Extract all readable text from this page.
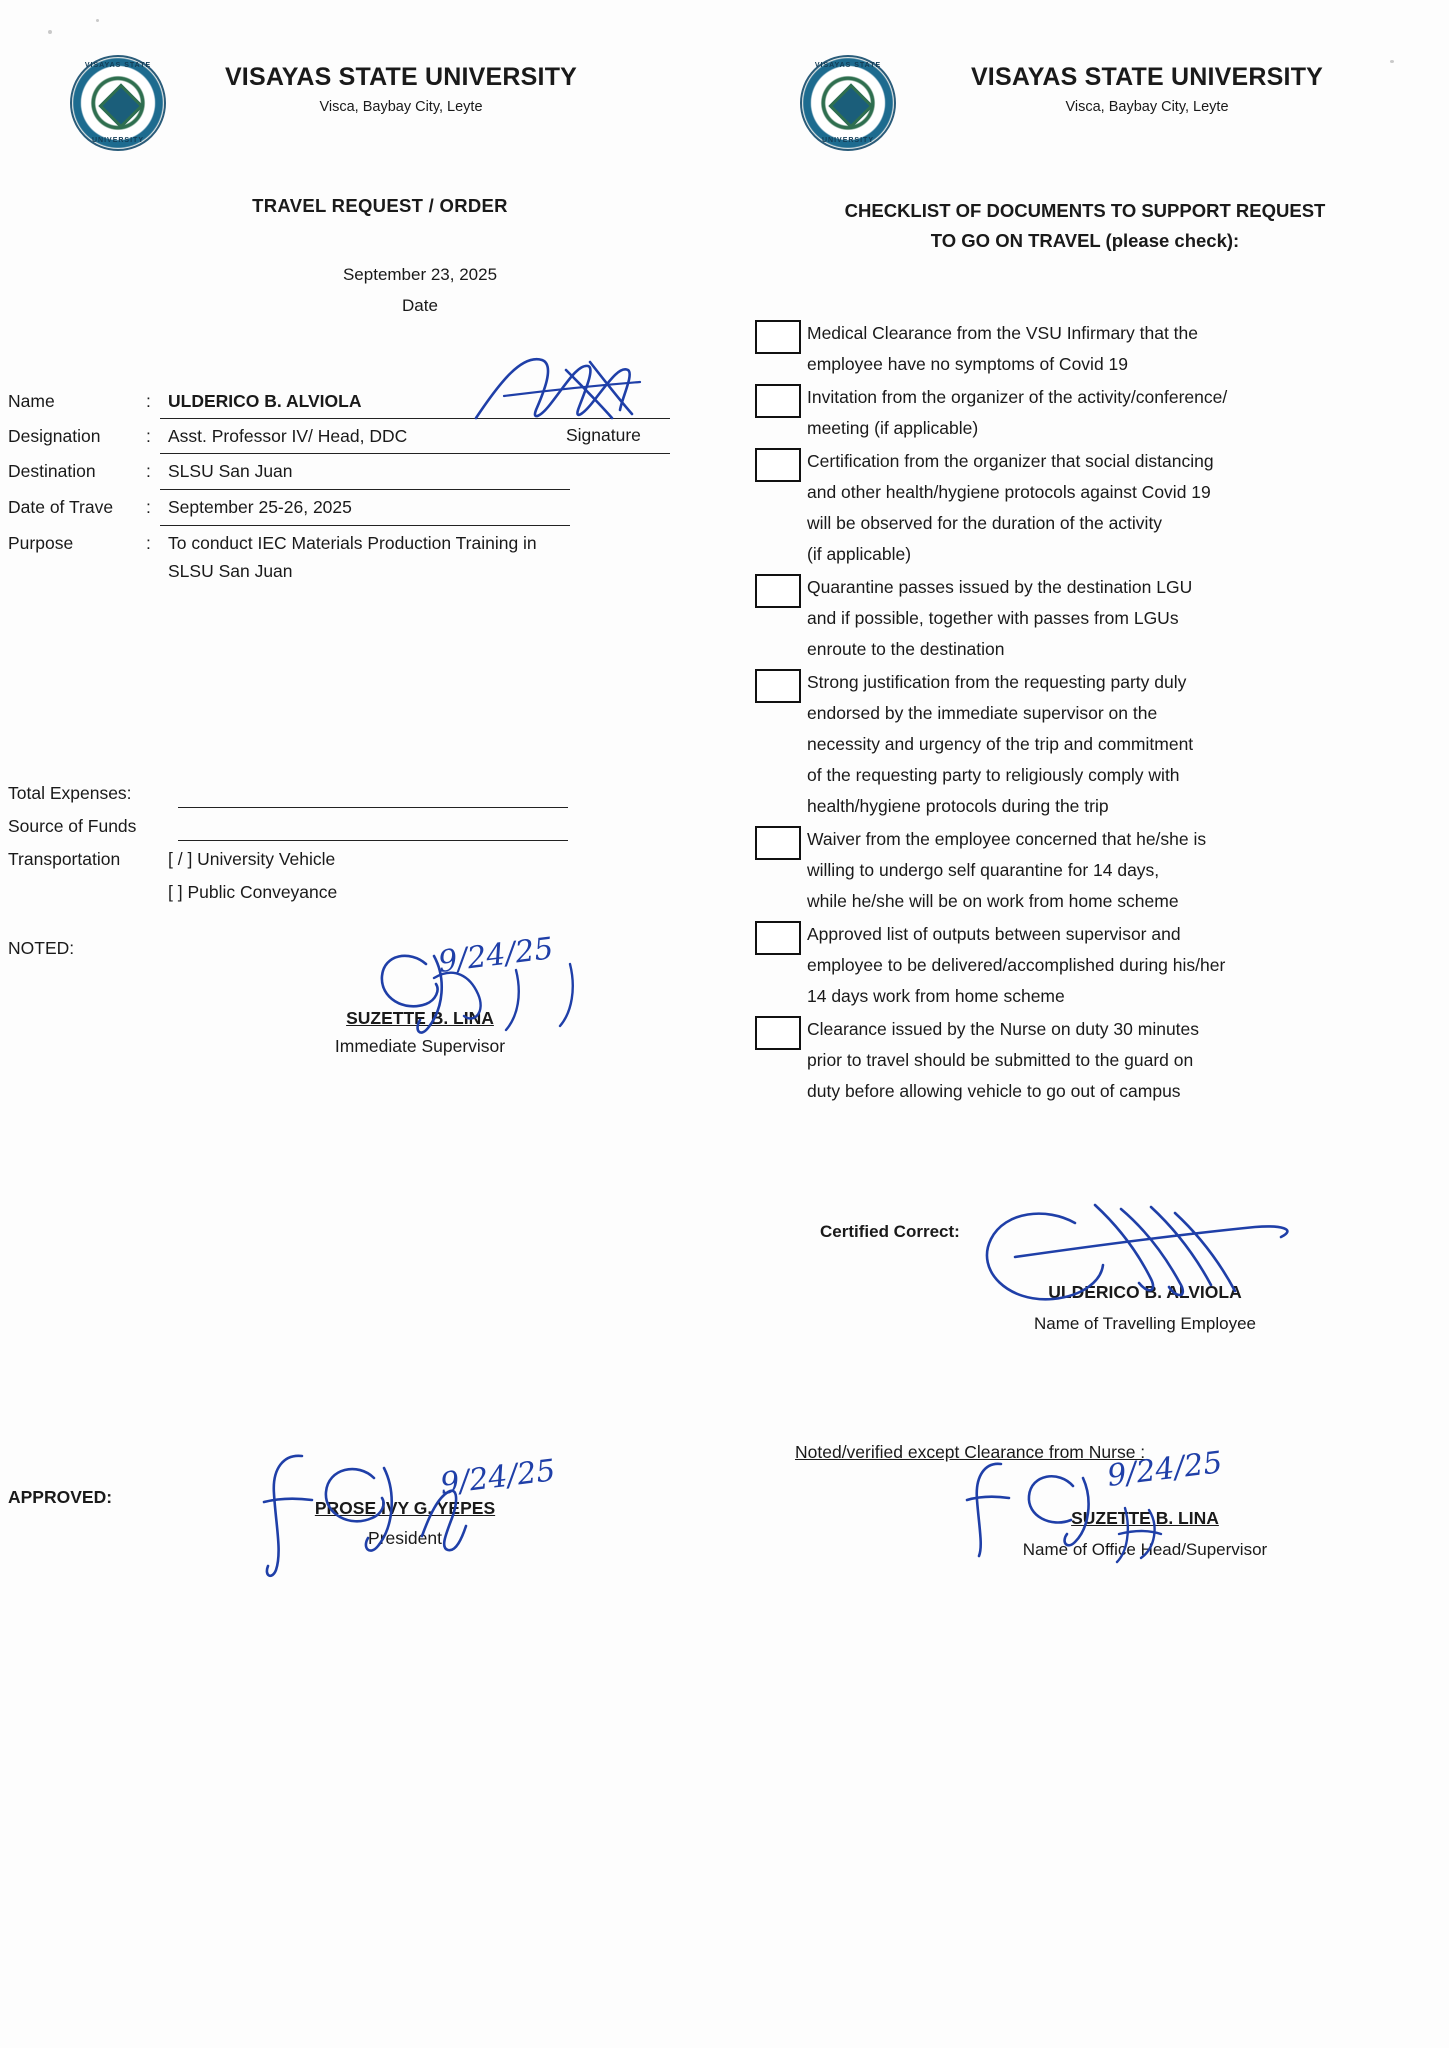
VISAYAS STATE
UNIVERSITY
VISAYAS STATE UNIVERSITY
Visca, Baybay City, Leyte
TRAVEL REQUEST / ORDER
September 23, 2025
Date
Name	: ULDERICO B. ALVIOLA
Designation	: Asst. Professor IV/ Head, DDC	Signature
Destination	: SLSU San Juan
Date of Trave : September 25-26, 2025
Purpose	: To conduct IEC Materials Production Training in
SLSU San Juan
Total Expenses:
Source of Funds
Transportation	[ / ] University Vehicle
[ ] Public Conveyance
NOTED:
SUZETTE B. LINA
Immediate Supervisor
APPROVED:
PROSE IVY G. YEPES
President
9/24/25
9/24/25
VISAYAS STATE
UNIVERSITY
VISAYAS STATE UNIVERSITY
Visca, Baybay City, Leyte
CHECKLIST OF DOCUMENTS TO SUPPORT REQUEST
TO GO ON TRAVEL (please check):
Medical Clearance from the VSU Infirmary that the
employee have no symptoms of Covid 19
Invitation from the organizer of the activity/conference/
meeting (if applicable)
Certification from the organizer that social distancing
and other health/hygiene protocols against Covid 19
will be observed for the duration of the activity
(if applicable)
Quarantine passes issued by the destination LGU
and if possible, together with passes from LGUs
enroute to the destination
Strong justification from the requesting party duly
endorsed by the immediate supervisor on the
necessity and urgency of the trip and commitment
of the requesting party to religiously comply with
health/hygiene protocols during the trip
Waiver from the employee concerned that he/she is
willing to undergo self quarantine for 14 days,
while he/she will be on work from home scheme
Approved list of outputs between supervisor and
employee to be delivered/accomplished during his/her
14 days work from home scheme
Clearance issued by the Nurse on duty 30 minutes
prior to travel should be submitted to the guard on
duty before allowing vehicle to go out of campus
Certified Correct:
ULDERICO B. ALVIOLA
Name of Travelling Employee
Noted/verified except Clearance from Nurse :
SUZETTE B. LINA
Name of Office Head/Supervisor
9/24/25
